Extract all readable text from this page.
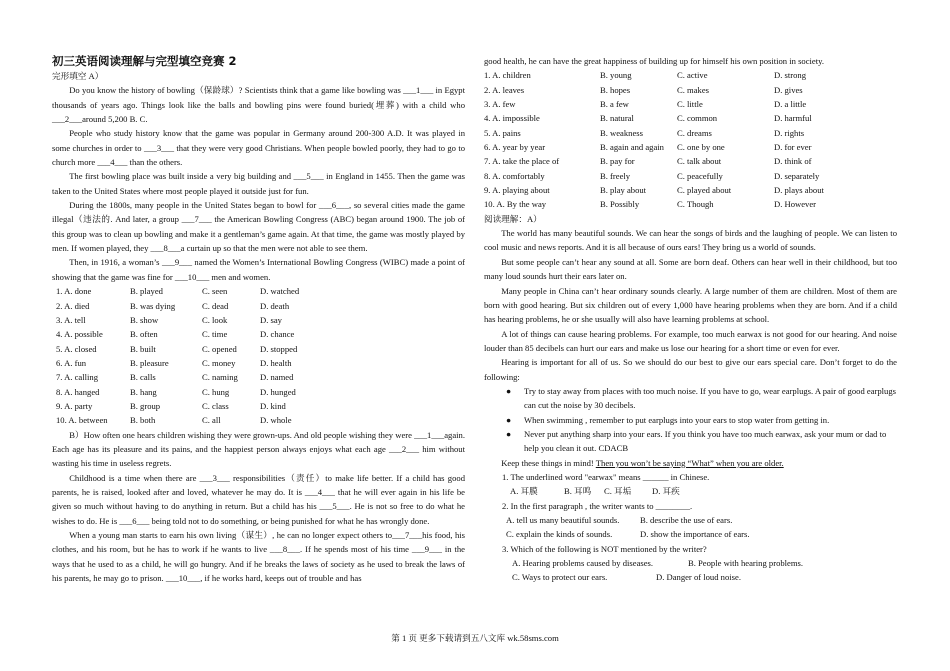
初三英语阅读理解与完型填空竞赛 2
完形填空 A）

Do you know the history of bowling（保龄球）? Scientists think that a game like bowling was ___1___ in Egypt thousands of years ago. Things look like the balls and bowling pins were found buried(埋葬) with a child who ___2___around 5,200 B. C.

People who study history know that the game was popular in Germany around 200-300 A.D. It was played in some churches in order to ___3___ that they were very good Christians. When people bowled poorly, they had to go to church more ___4___ than the others.

The first bowling place was built inside a very big building and ___5___ in England in 1455. Then the game was taken to the United States where most people played it outside just for fun.

During the 1800s, many people in the United States began to bowl for ___6___, so several cities made the game illegal（违法的. And later, a group ___7___ the American Bowling Congress (ABC) began around 1900. The job of this group was to clean up bowling and make it a gentleman’s game again. At that time, the game was mostly played by men. If women played, they ___8___a curtain up so that the men were not able to see them.

Then, in 1916, a woman’s ___9___ named the Women’s International Bowling Congress (WIBC) made a point of showing that the game was fine for ___10___ men and women.

1. A. done	B. played	C. seen	D. watched
2. A. died	B. was dying	C. dead	D. death
3. A. tell	B. show	C. look	D. say
4. A. possible	B. often	C. time	D. chance
5. A. closed	B. built	C. opened	D. stopped
6. A. fun	B. pleasure	C. money	D. health
7. A. calling	B. calls	C. naming	D. named
8. A. hanged	B. hang	C. hung	D. hunged
9. A. party	B. group	C. class	D. kind
10. A. between	B. both	C. all	D. whole

B）How often one hears children wishing they were grown-ups. And old people wishing they were ___1___again. Each age has its pleasure and its pains, and the happiest person always enjoys what each age ___2___ him without wasting his time in useless regrets.

Childhood is a time when there are ___3___ responsibilities（责任）to make life better. If a child has good parents, he is raised, looked after and loved, whatever he may do. It is ___4___ that he will ever again in his life be given so much without having to do anything in return. But a child has his ___5___. He is not so free to do what he wishes to do. He is ___6___ being told not to do something, or being punished for what he has wrongly done.

When a young man starts to earn his own living（谋生）, he can no longer expect others to___7___his food, his clothes, and his room, but he has to work if he wants to live ___8___. If he spends most of his time ___9___ in the ways that he used to as a child, he will go hungry. And if he breaks the laws of society as he used to break the laws of his parents, he may go to prison. ___10___, if he works hard, keeps out of trouble and has

good health, he can have the great happiness of building up for himself his own position in society.

1. A. children	B. young	C. active	D. strong
2. A. leaves	B. hopes	C. makes	D. gives
3. A. few	B. a few	C. little	D. a little
4. A. impossible	B. natural	C. common	D. harmful
5. A. pains	B. weakness	C. dreams	D. rights
6. A. year by year	B. again and again C. one by one	D. for ever
7. A. take the place of	B. pay for	C. talk about	D. think of
8. A. comfortably	B. freely	C. peacefully	D. separately
9. A. playing about	B. play about	C. played about	D. plays about
10. A. By the way	B. Possibly	C. Though	D. However
阅读理解：A）

The world has many beautiful sounds. We can hear the songs of birds and the laughing of people. We can listen to cool music and news reports. And it is all because of ours ears! They bring us a world of sounds.

But some people can’t hear any sound at all. Some are born deaf. Others can hear well in their childhood, but too many loud sounds hurt their ears later on.

Many people in China can’t hear ordinary sounds clearly. A large number of them are children. Most of them are born with good hearing. But six children out of every 1,000 have hearing problems when they are born. And if a child has hearing problems, he or she usually will also have learning problems at school.

A lot of things can cause hearing problems. For example, too much earwax is not good for our hearing. And noise louder than 85 decibels can hurt our ears and make us lose our hearing for a short time or even for ever.

Hearing is important for all of us. So we should do our best to give our ears special care. Don’t forget to do the following:

● Try to stay away from places with too much noise. If you have to go, wear earplugs. A pair of good earplugs can cut the noise by 30 decibels.
● When swimming , remember to put earplugs into your ears to stop water from getting in.
● Never put anything sharp into your ears. If you think you have too much earwax, ask your mum or dad to help you clean it out. CDACB

Keep these things in mind! Then you won’t be saying “What” when you are older.

1. The underlined word "earwax" means ______ in Chinese.
A. 耳膜	B. 耳鸣 C. 耳垢 D. 耳疾
2. In the first paragraph , the writer wants to ________.
A. tell us many beautiful sounds. B. describe the use of ears.
C. explain the kinds of sounds.	D. show the importance of ears.
3. Which of the following is NOT mentioned by the writer?
A. Hearing problems caused by diseases.	B. People with hearing problems.
C. Ways to protect our ears.	D. Danger of loud noise.
第 1 页 更多下载请到五八文库 wk.58sms.com
